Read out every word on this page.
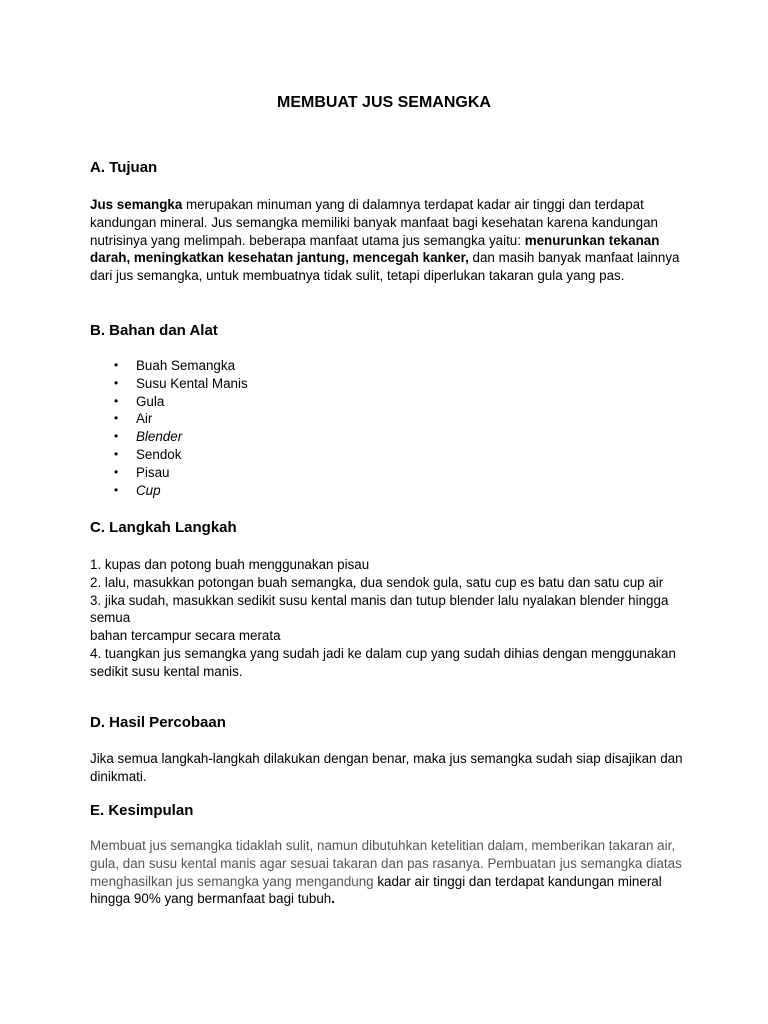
MEMBUAT JUS SEMANGKA
A. Tujuan

Jus semangka merupakan minuman yang di dalamnya terdapat kadar air tinggi dan terdapat kandungan mineral. Jus semangka memiliki banyak manfaat bagi kesehatan karena kandungan nutrisinya yang melimpah. beberapa manfaat utama jus semangka yaitu: menurunkan tekanan darah, meningkatkan kesehatan jantung, mencegah kanker, dan masih banyak manfaat lainnya dari jus semangka, untuk membuatnya tidak sulit, tetapi diperlukan takaran gula yang pas.

B. Bahan dan Alat
• Buah Semangka
• Susu Kental Manis
• Gula
• Air
• Blender
• Sendok
• Pisau
• Cup
C. Langkah Langkah

1. kupas dan potong buah menggunakan pisau
2. lalu, masukkan potongan buah semangka, dua sendok gula, satu cup es batu dan satu cup air
3. jika sudah, masukkan sedikit susu kental manis dan tutup blender lalu nyalakan blender hingga semua
bahan tercampur secara merata
4. tuangkan jus semangka yang sudah jadi ke dalam cup yang sudah dihias dengan menggunakan sedikit susu kental manis.

D. Hasil Percobaan

Jika semua langkah-langkah dilakukan dengan benar, maka jus semangka sudah siap disajikan dan dinikmati.

E. Kesimpulan

Membuat jus semangka tidaklah sulit, namun dibutuhkan ketelitian dalam, memberikan takaran air, gula, dan susu kental manis agar sesuai takaran dan pas rasanya. Pembuatan jus semangka diatas menghasilkan jus semangka yang mengandung kadar air tinggi dan terdapat kandungan mineral hingga 90% yang bermanfaat bagi tubuh.
